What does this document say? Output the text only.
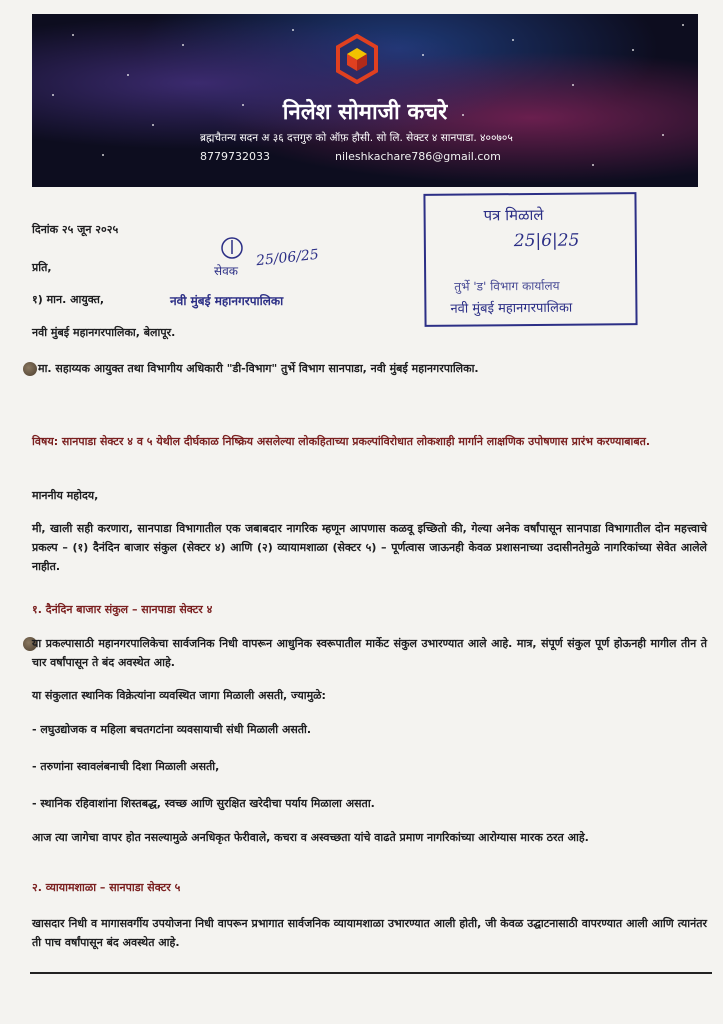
निलेश सोमाजी कचरे
ब्रह्मचैतन्य सदन अ ३६ दत्तगुरु को ऑफ़ हौसी. सो लि. सेक्टर ४ सानपाडा. ४००७०५
8779732033	nileshkachare786@gmail.com
पत्र मिळाले
25|6|25
तुर्भे 'ड' विभाग कार्यालय
नवी मुंबई महानगरपालिका
सेवक
25/06/25
नवी मुंबई महानगरपालिका
दिनांक २५ जून २०२५
प्रति,
१) मान. आयुक्त,
नवी मुंबई महानगरपालिका, बेलापूर.
मा. सहाय्यक आयुक्त तथा विभागीय अधिकारी "डी-विभाग" तुर्भे विभाग सानपाडा, नवी मुंबई महानगरपालिका.
विषय: सानपाडा सेक्टर ४ व ५ येथील दीर्घकाळ निष्क्रिय असलेल्या लोकहिताच्या प्रकल्पांविरोधात लोकशाही मार्गाने लाक्षणिक उपोषणास प्रारंभ करण्याबाबत.
माननीय महोदय,
मी, खाली सही करणारा, सानपाडा विभागातील एक जबाबदार नागरिक म्हणून आपणास कळवू इच्छितो की, गेल्या अनेक वर्षांपासून सानपाडा विभागातील दोन महत्त्वाचे प्रकल्प – (१) दैनंदिन बाजार संकुल (सेक्टर ४) आणि (२) व्यायामशाळा (सेक्टर ५) – पूर्णत्वास जाऊनही केवळ प्रशासनाच्या उदासीनतेमुळे नागरिकांच्या सेवेत आलेले नाहीत.
१. दैनंदिन बाजार संकुल – सानपाडा सेक्टर ४
या प्रकल्पासाठी महानगरपालिकेचा सार्वजनिक निधी वापरून आधुनिक स्वरूपातील मार्केट संकुल उभारण्यात आले आहे. मात्र, संपूर्ण संकुल पूर्ण होऊनही मागील तीन ते चार वर्षांपासून ते बंद अवस्थेत आहे.
या संकुलात स्थानिक विक्रेत्यांना व्यवस्थित जागा मिळाली असती, ज्यामुळे:
- लघुउद्योजक व महिला बचतगटांना व्यवसायाची संधी मिळाली असती.
- तरुणांना स्वावलंबनाची दिशा मिळाली असती,
- स्थानिक रहिवाशांना शिस्तबद्ध, स्वच्छ आणि सुरक्षित खरेदीचा पर्याय मिळाला असता.
आज त्या जागेचा वापर होत नसल्यामुळे अनधिकृत फेरीवाले, कचरा व अस्वच्छता यांचे वाढते प्रमाण नागरिकांच्या आरोग्यास मारक ठरत आहे.
२. व्यायामशाळा – सानपाडा सेक्टर ५
खासदार निधी व मागासवर्गीय उपयोजना निधी वापरून प्रभागात सार्वजनिक व्यायामशाळा उभारण्यात आली होती, जी केवळ उद्घाटनासाठी वापरण्यात आली आणि त्यानंतर ती पाच वर्षांपासून बंद अवस्थेत आहे.
